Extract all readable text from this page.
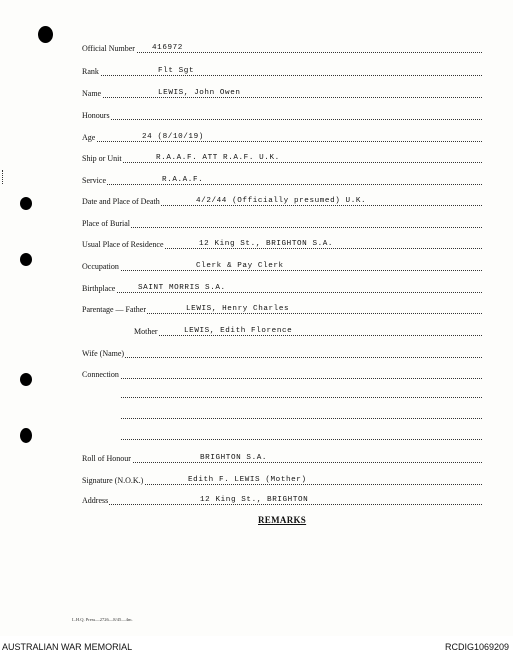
Official Number 416972
Rank	Flt Sgt
Name	LEWIS, John Owen
Honours
Age	24 (8/10/19)
Ship or Unit	R.A.A.F. ATT R.A.F. U.K.
Service	R.A.A.F.
Date and Place of Death	4/2/44 (Officially presumed) U.K.
Place of Burial
Usual Place of Residence	12 King St., BRIGHTON S.A.
Occupation	Clerk & Pay Clerk
Birthplace	SAINT MORRIS S.A.
Parentage — Father	LEWIS, Henry Charles
Mother	LEWIS, Edith Florence
Wife (Name)
Connection
Roll of Honour	BRIGHTON S.A.
Signature (N.O.K.)	Edith F. LEWIS (Mother)
Address	12 King St., BRIGHTON
REMARKS
L.H.Q. Press—2726—8/45—4m.
AUSTRALIAN WAR MEMORIAL	RCDIG1069209
